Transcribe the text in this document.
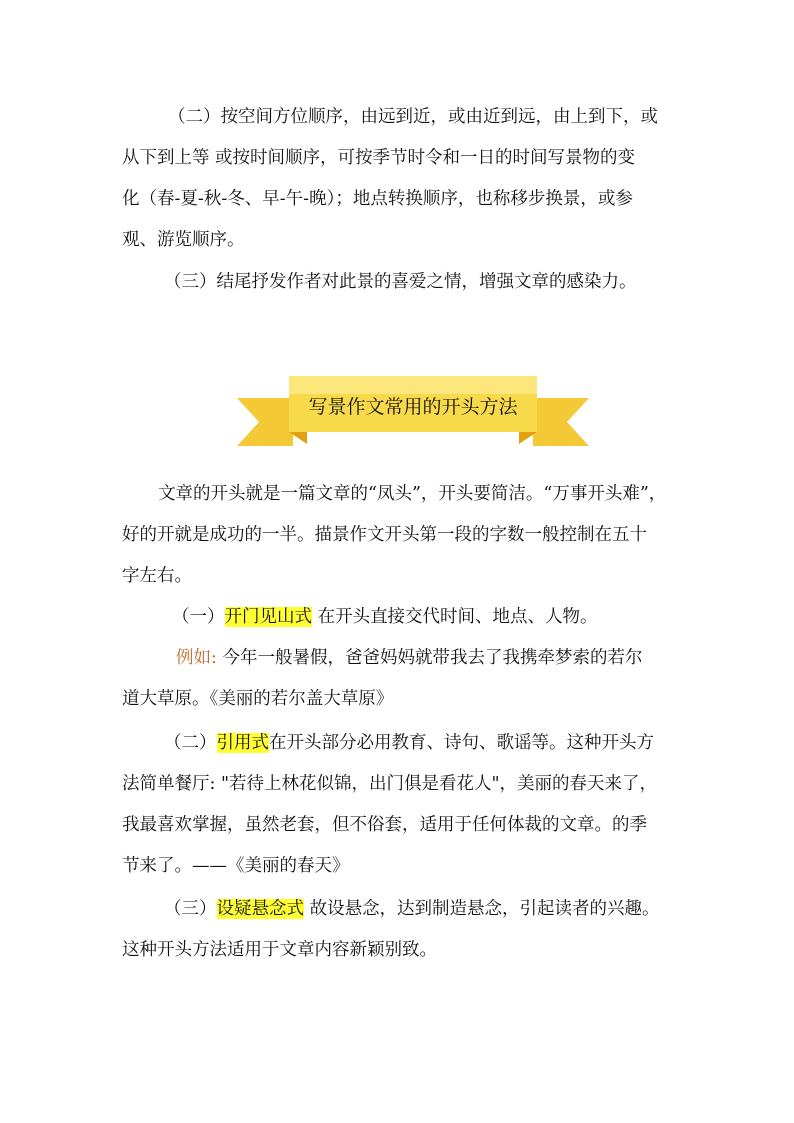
（二）按空间方位顺序，由远到近，或由近到远，由上到下，或
从下到上等 或按时间顺序，可按季节时令和一日的时间写景物的变
化（春-夏-秋-冬、早-午-晚）；地点转换顺序，也称移步换景，或参
观、游览顺序。
（三）结尾抒发作者对此景的喜爱之情，增强文章的感染力。
写景作文常用的开头方法
文章的开头就是一篇文章的“凤头”，开头要简洁。“万事开头难”，
好的开就是成功的一半。描景作文开头第一段的字数一般控制在五十
字左右。
（一）开门见山式 在开头直接交代时间、地点、人物。
例如: 今年一般暑假，爸爸妈妈就带我去了我携牵梦索的若尔
道大草原。《美丽的若尔盖大草原》
（二）引用式在开头部分必用教育、诗句、歌谣等。这种开头方
法简单餐厅: "若待上林花似锦，出门俱是看花人"，美丽的春天来了，
我最喜欢掌握，虽然老套，但不俗套，适用于任何体裁的文章。的季
节来了。——《美丽的春天》
（三）设疑悬念式 故设悬念，达到制造悬念，引起读者的兴趣。
这种开头方法适用于文章内容新颖别致。
